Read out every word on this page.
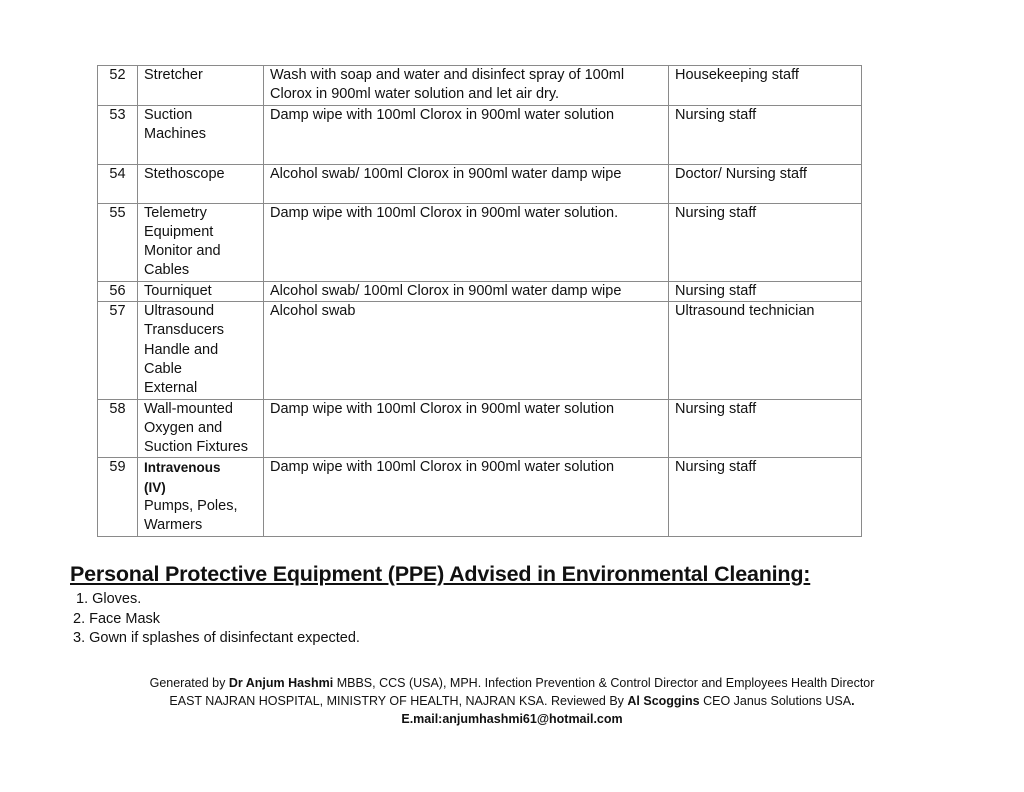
52	Stretcher	Wash with soap and water and disinfect spray of 100ml Clorox in 900ml water solution and let air dry.	Housekeeping staff
53	Suction
Machines	Damp wipe with 100ml Clorox in 900ml water solution	Nursing staff
54	Stethoscope	Alcohol swab/ 100ml Clorox in 900ml water damp wipe	Doctor/ Nursing staff
55	Telemetry
Equipment
Monitor and
Cables	Damp wipe with 100ml Clorox in 900ml water solution.	Nursing staff
56	Tourniquet	Alcohol swab/ 100ml Clorox in 900ml water damp wipe	Nursing staff
57	Ultrasound
Transducers
Handle and
Cable
External	Alcohol swab	Ultrasound technician
58	Wall-mounted
Oxygen and
Suction Fixtures	Damp wipe with 100ml Clorox in 900ml water solution	Nursing staff
59	Intravenous
(IV)
Pumps, Poles,
Warmers	Damp wipe with 100ml Clorox in 900ml water solution	Nursing staff
Personal Protective Equipment (PPE) Advised in Environmental Cleaning:
1. Gloves.
2. Face Mask
3. Gown if splashes of disinfectant expected.
Generated by Dr Anjum Hashmi MBBS, CCS (USA), MPH. Infection Prevention & Control Director and Employees Health Director
EAST NAJRAN HOSPITAL, MINISTRY OF HEALTH, NAJRAN KSA. Reviewed By Al Scoggins CEO Janus Solutions USA.
E.mail:anjumhashmi61@hotmail.com
